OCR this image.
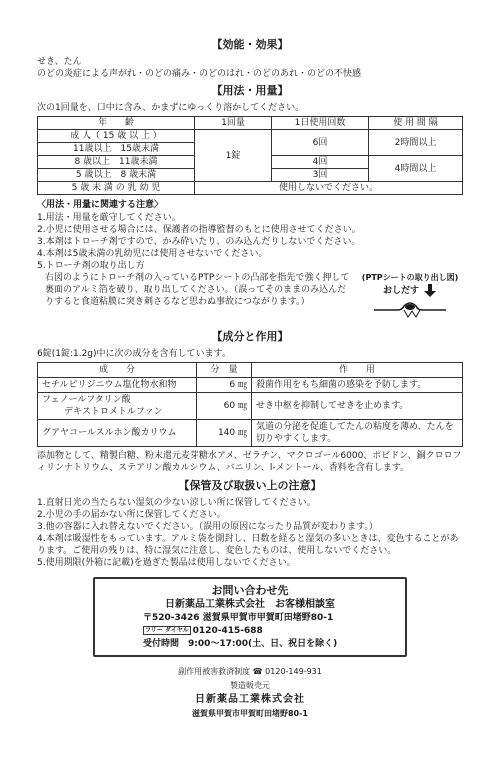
【効能・効果】

せき、たん

のどの炎症による声がれ・のどの痛み・のどのはれ・のどのあれ・のどの不快感

【用法・用量】

次の1回量を、口中に含み、かまずにゆっくり溶かしてください。

年　　齢	1回量	1日使用回数	使 用 間 隔
成 人（ 15 歳 以 上 ）	1錠	6回	2時間以上
11歳以上　15歳未満			
8 歳以上　11歳未満		4回	4時間以上
5 歳以上　8 歳未満		3回	
5 歳 未 満 の 乳 幼 児	使用しないでください。		
〈用法・用量に関連する注意〉

1.用法・用量を厳守してください。

2.小児に使用させる場合には、保護者の指導監督のもとに使用させてください。

3.本剤はトローチ剤ですので、かみ砕いたり、のみ込んだりしないでください。

4.本剤は5歳未満の乳幼児には使用させないでください。

5.トローチ剤の取り出し方

右図のようにトローチ剤の入っているPTPシートの凸部を指先で強く押して裏面のアルミ箔を破り、取り出してください。（誤ってそのままのみ込んだりすると食道粘膜に突き刺さるなど思わぬ事故につながります。）
(PTPシートの取り出し図)
おしだす
【成分と作用】

6錠(1錠:1.2g)中に次の成分を含有しています。

成　　分	分　量	作　　用
セチルピリジニウム塩化物水和物	6 ㎎	殺菌作用をもち細菌の感染を予防します。

フェノールフタリン酸
デキストロメトルファン	60 ㎎	せき中枢を抑制してせきを止めます。
グアヤコールスルホン酸カリウム	140 ㎎	気道の分泌を促進してたんの粘度を薄め、たんを切りやすくします。
添加物として、精製白糖、粉末還元麦芽糖水アメ、ゼラチン、マクロゴール6000、ポビドン、銅クロロフィリンナトリウム、ステアリン酸カルシウム、バニリン、l-メントール、香料を含有します。
【保管及び取扱い上の注意】

1.直射日光の当たらない湿気の少ない涼しい所に保管してください。

2.小児の手の届かない所に保管してください。

3.他の容器に入れ替えないでください。（誤用の原因になったり品質が変わります。）

4.本剤は吸湿性をもっています。アルミ袋を開封し、日数を経ると湿気の多いときは、変色することがあります。ご使用の残りは、特に湿気に注意し、変色したものは、使用しないでください。

5.使用期限(外箱に記載)を過ぎた製品は使用しないでください。

お問い合わせ先
日新薬品工業株式会社　お客様相談室
〒520-3426 滋賀県甲賀市甲賀町田堵野80-1
フリー ダイヤル 0120-415-688
受付時間　9:00～17:00(土、日、祝日を除く)
副作用被害救済制度 ☎ 0120-149-931
製造販売元
日新薬品工業株式会社
滋賀県甲賀市甲賀町田堵野80-1
